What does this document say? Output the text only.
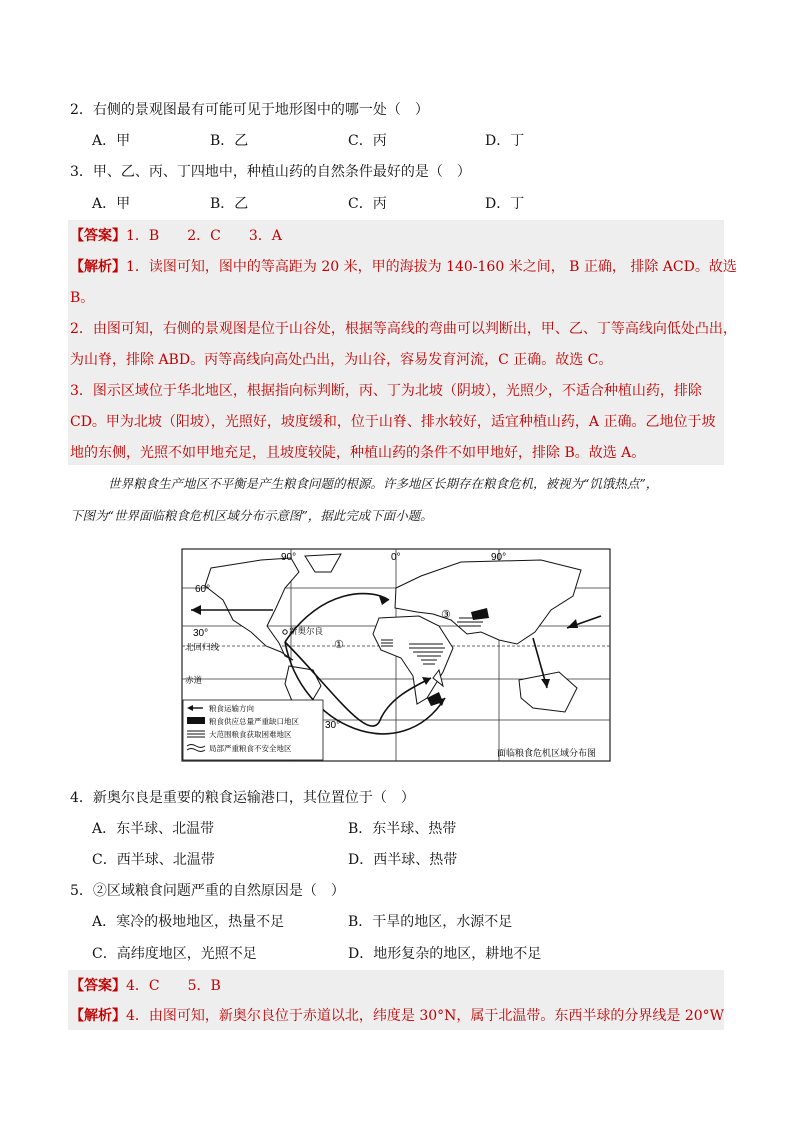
2．右侧的景观图最有可能可见于地形图中的哪一处（　）
A．甲	B．乙	C．丙	D．丁
3．甲、乙、丙、丁四地中，种植山药的自然条件最好的是（　）
A．甲	B．乙	C．丙	D．丁
【答案】1．B　　2．C　　3．A
【解析】1．读图可知，图中的等高距为 20 米，甲的海拔为 140-160 米之间， B 正确， 排除 ACD。故选
B。
2．由图可知，右侧的景观图是位于山谷处，根据等高线的弯曲可以判断出，甲、乙、丁等高线向低处凸出，
为山脊，排除 ABD。丙等高线向高处凸出，为山谷，容易发育河流，C 正确。故选 C。
3．图示区域位于华北地区，根据指向标判断，丙、丁为北坡（阴坡），光照少，不适合种植山药，排除
CD。甲为北坡（阳坡），光照好，坡度缓和，位于山脊、排水较好，适宜种植山药，A 正确。乙地位于坡
地的东侧，光照不如甲地充足，且坡度较陡，种植山药的条件不如甲地好，排除 B。故选 A。
世界粮食生产地区不平衡是产生粮食问题的根源。许多地区长期存在粮食危机，被视为“饥饿热点”，
下图为“世界面临粮食危机区域分布示意图”，据此完成下面小题。
90°	0°	90°
60°
30°
30°
北回归线
赤道
新奥尔良
①
③
粮食运输方向
粮食供应总量严重缺口地区
大范围粮食获取困难地区
局部严重粮食不安全地区
面临粮食危机区域分布图
4．新奥尔良是重要的粮食运输港口，其位置位于（　）
A．东半球、北温带	B．东半球、热带
C．西半球、北温带	D．西半球、热带
5．②区域粮食问题严重的自然原因是（　）
A．寒冷的极地地区，热量不足	B．干旱的地区，水源不足
C．高纬度地区，光照不足	D．地形复杂的地区，耕地不足
【答案】4．C　　5．B
【解析】4．由图可知，新奥尔良位于赤道以北，纬度是 30°N，属于北温带。东西半球的分界线是 20°W
